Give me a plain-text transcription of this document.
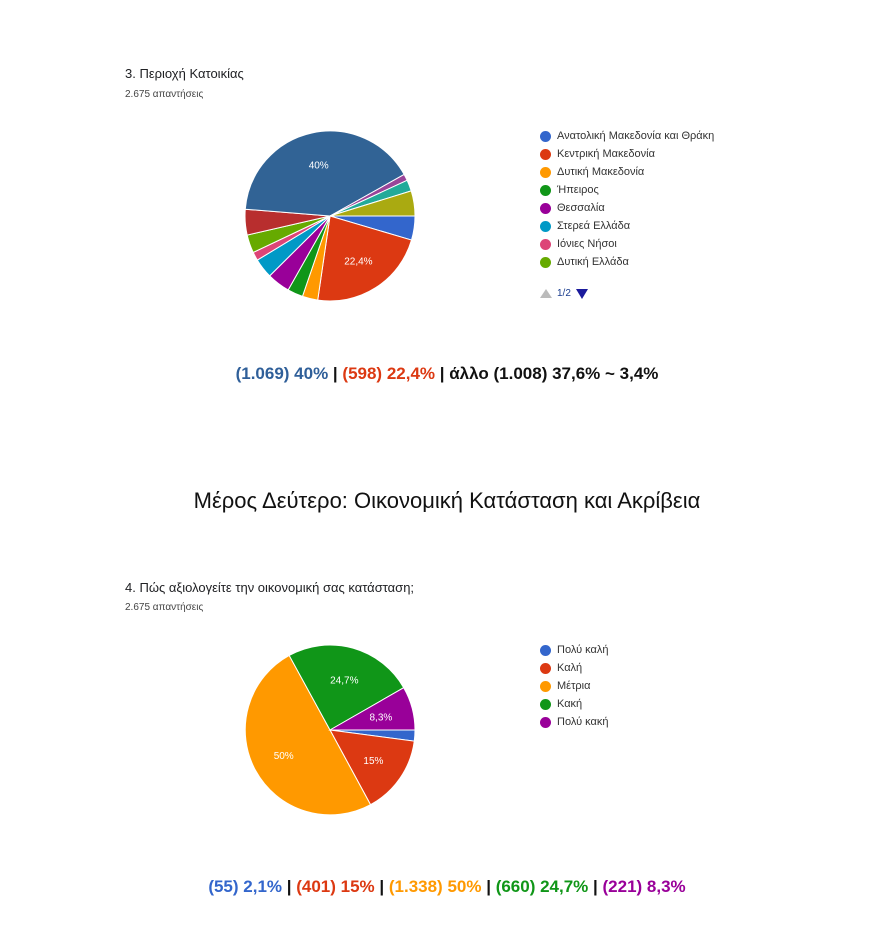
3. Περιοχή Κατοικίας
2.675 απαντήσεις
22,4%
40%
Ανατολική Μακεδονία και Θράκη
Κεντρική Μακεδονία
Δυτική Μακεδονία
Ήπειρος
Θεσσαλία
Στερεά Ελλάδα
Ιόνιες Νήσοι
Δυτική Ελλάδα
1/2
(1.069) 40% | (598) 22,4% | άλλο (1.008) 37,6% ~ 3,4%
Μέρος Δεύτερο: Οικονομική Κατάσταση και Ακρίβεια
4. Πώς αξιολογείτε την οικονομική σας κατάσταση;
2.675 απαντήσεις
15%
50%
24,7%
8,3%
Πολύ καλή
Καλή
Μέτρια
Κακή
Πολύ κακή
(55) 2,1% | (401) 15% | (1.338) 50% | (660) 24,7% | (221) 8,3%
